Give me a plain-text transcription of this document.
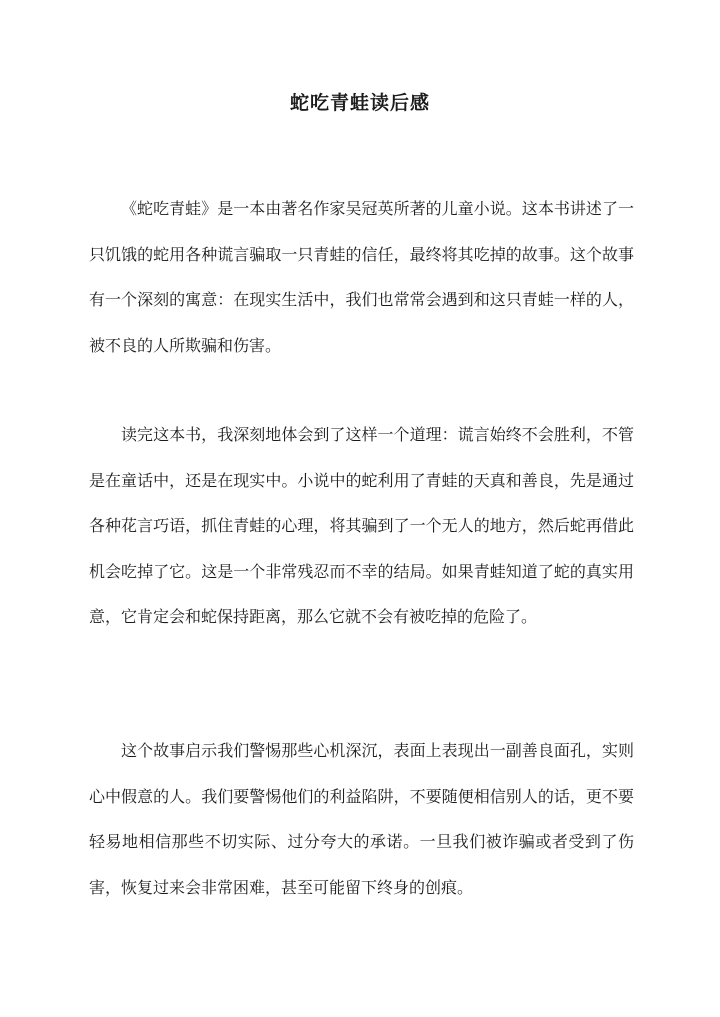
蛇吃青蛙读后感

《蛇吃青蛙》是一本由著名作家吴冠英所著的儿童小说。这本书讲述了一只饥饿的蛇用各种谎言骗取一只青蛙的信任，最终将其吃掉的故事。这个故事有一个深刻的寓意：在现实生活中，我们也常常会遇到和这只青蛙一样的人，被不良的人所欺骗和伤害。

读完这本书，我深刻地体会到了这样一个道理：谎言始终不会胜利，不管是在童话中，还是在现实中。小说中的蛇利用了青蛙的天真和善良，先是通过各种花言巧语，抓住青蛙的心理，将其骗到了一个无人的地方，然后蛇再借此机会吃掉了它。这是一个非常残忍而不幸的结局。如果青蛙知道了蛇的真实用意，它肯定会和蛇保持距离，那么它就不会有被吃掉的危险了。

这个故事启示我们警惕那些心机深沉，表面上表现出一副善良面孔，实则心中假意的人。我们要警惕他们的利益陷阱，不要随便相信别人的话，更不要轻易地相信那些不切实际、过分夸大的承诺。一旦我们被诈骗或者受到了伤害，恢复过来会非常困难，甚至可能留下终身的创痕。
